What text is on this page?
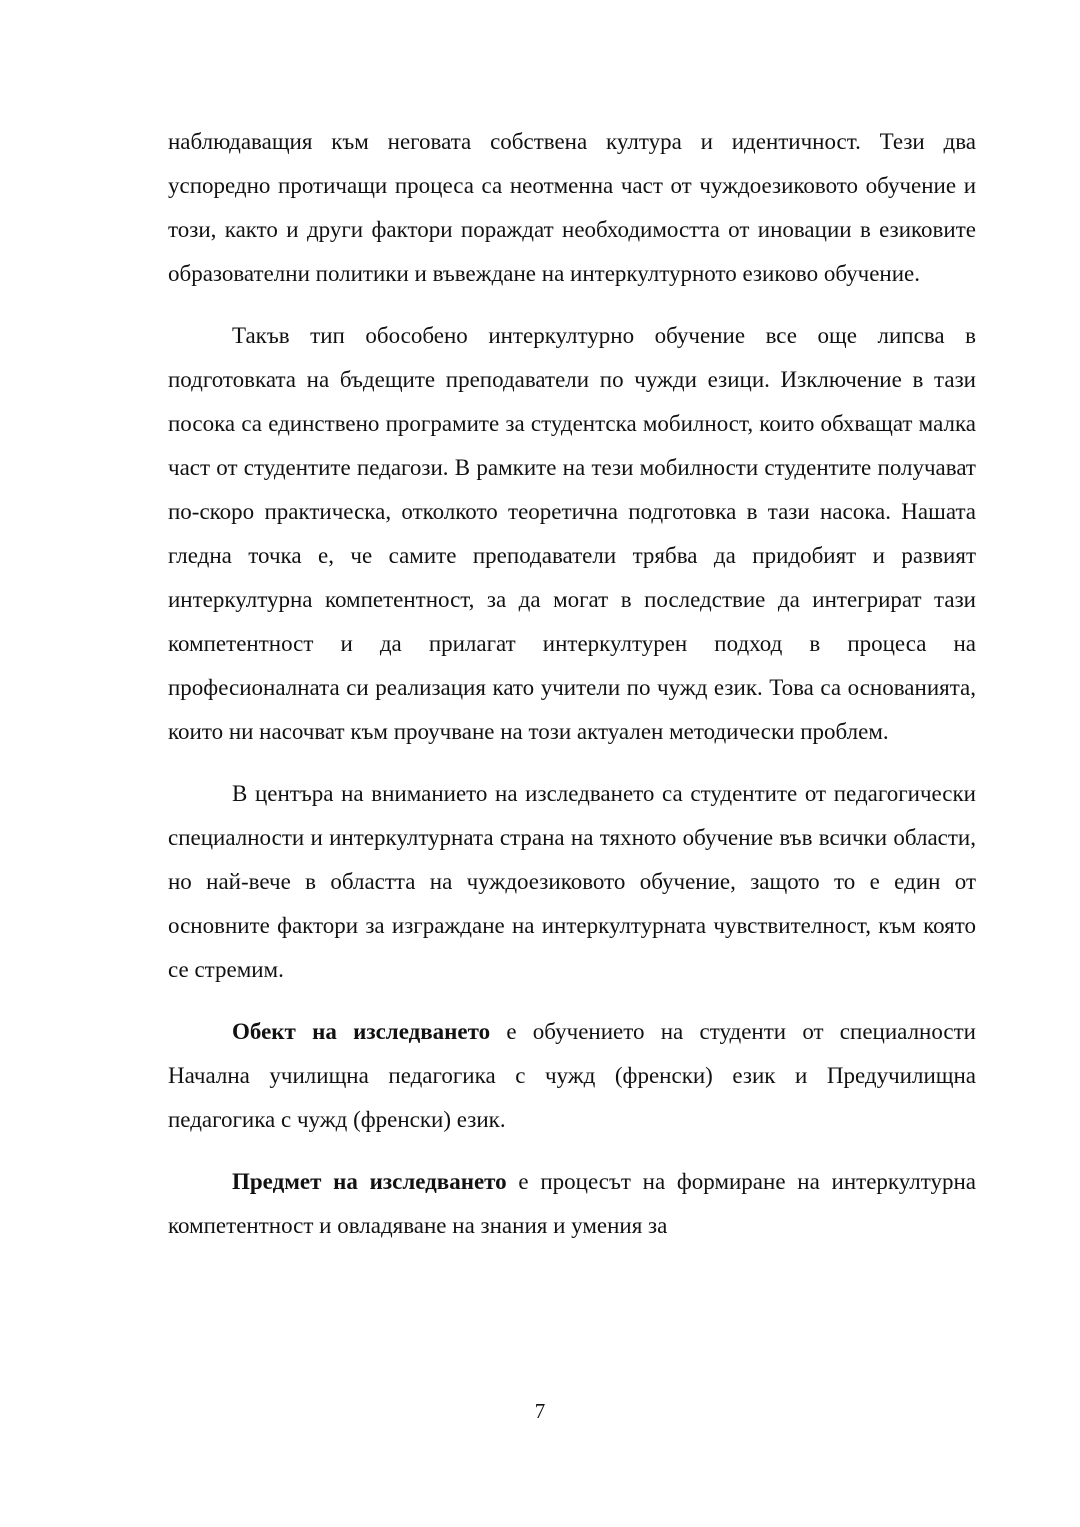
наблюдаващия към неговата собствена култура и идентичност. Тези два успоредно протичащи процеса са неотменна част от чуждоезиковото обучение и този, както и други фактори пораждат необходимостта от иновации в езиковите образователни политики и въвеждане на интеркултурното езиково обучение.

Такъв тип обособено интеркултурно обучение все още липсва в подготовката на бъдещите преподаватели по чужди езици. Изключение в тази посока са единствено програмите за студентска мобилност, които обхващат малка част от студентите педагози. В рамките на тези мобилности студентите получават по-скоро практическа, отколкото теоретична подготовка в тази насока. Нашата гледна точка е, че самите преподаватели трябва да придобият и развият интеркултурна компетентност, за да могат в последствие да интегрират тази компетентност и да прилагат интеркултурен подход в процеса на професионалната си реализация като учители по чужд език. Това са основанията, които ни насочват към проучване на този актуален методически проблем.

В центъра на вниманието на изследването са студентите от педагогически специалности и интеркултурната страна на тяхното обучение във всички области, но най-вече в областта на чуждоезиковото обучение, защото то е един от основните фактори за изграждане на интеркултурната чувствителност, към която се стремим.

Обект на изследването е обучението на студенти от специалности Начална училищна педагогика с чужд (френски) език и Предучилищна педагогика с чужд (френски) език.

Предмет на изследването е процесът на формиране на интеркултурна компетентност и овладяване на знания и умения за

7
